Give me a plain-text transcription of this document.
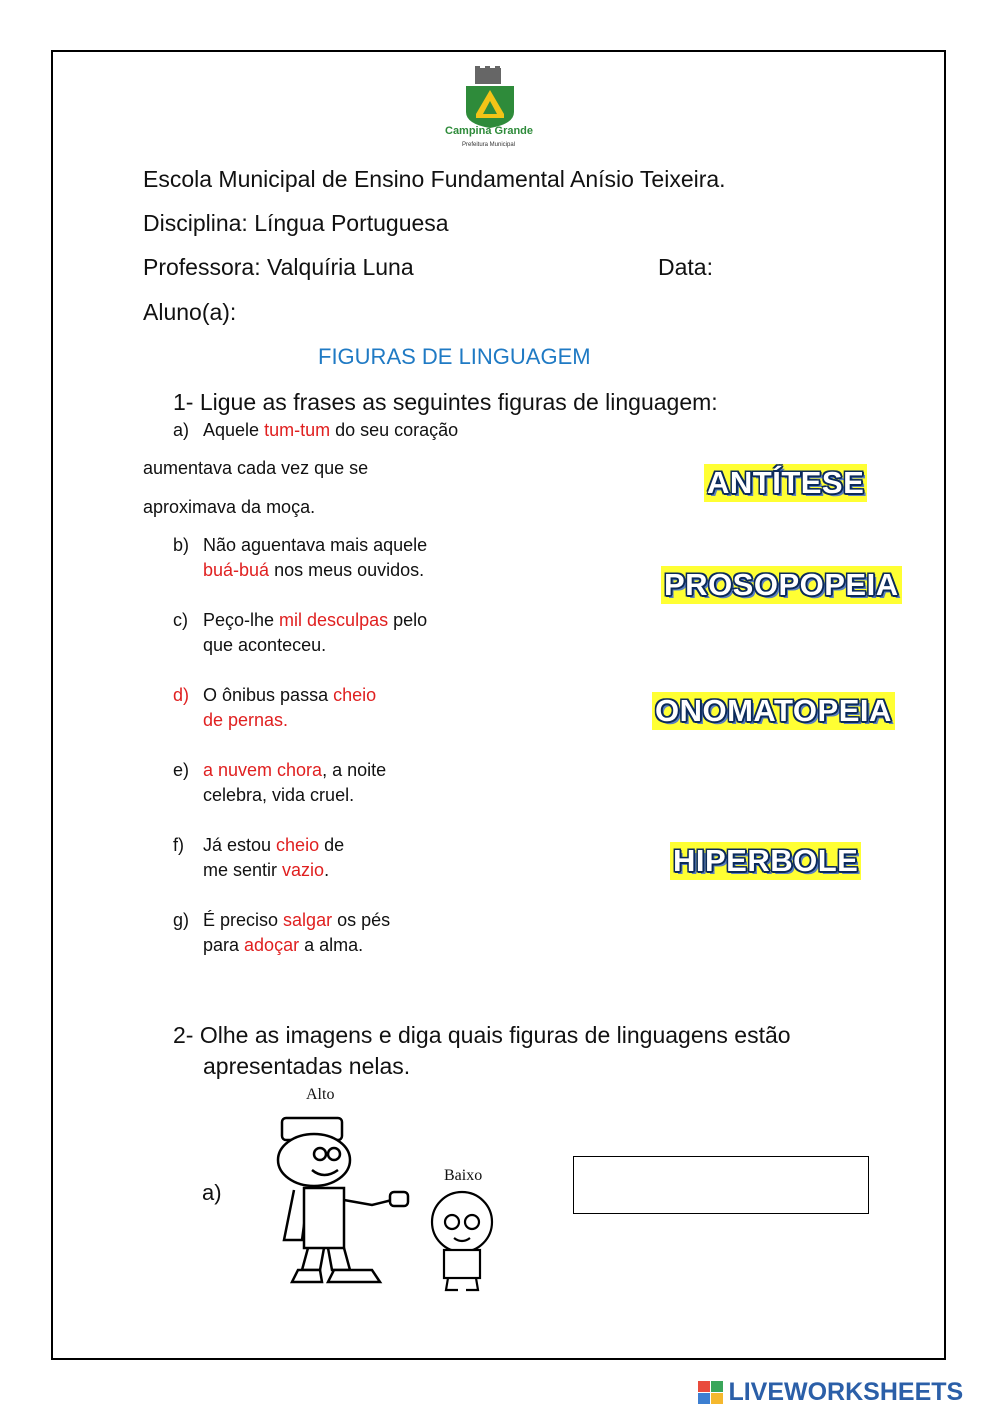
Campina Grande
Prefeitura Municipal
Escola Municipal de Ensino Fundamental Anísio Teixeira.
Disciplina: Língua Portuguesa
Professora: Valquíria Luna	Data:
Aluno(a):
FIGURAS DE LINGUAGEM
1- Ligue as frases as seguintes figuras de linguagem:
a) Aquele tum-tum do seu coração
aumentava cada vez que se
aproximava da moça.
b) Não aguentava mais aquele
buá-buá nos meus ouvidos.
c) Peço-lhe mil desculpas pelo
que aconteceu.
d) O ônibus passa cheio
de pernas.
e) a nuvem chora, a noite
celebra, vida cruel.
f) Já estou cheio de
me sentir vazio.
g) É preciso salgar os pés
para adoçar a alma.
ANTÍTESE
PROSOPOPEIA
ONOMATOPEIA
HIPERBOLE
2- Olhe as imagens e diga quais figuras de linguagens estão
apresentadas nelas.
a)
Alto
Baixo
LIVEWORKSHEETS
